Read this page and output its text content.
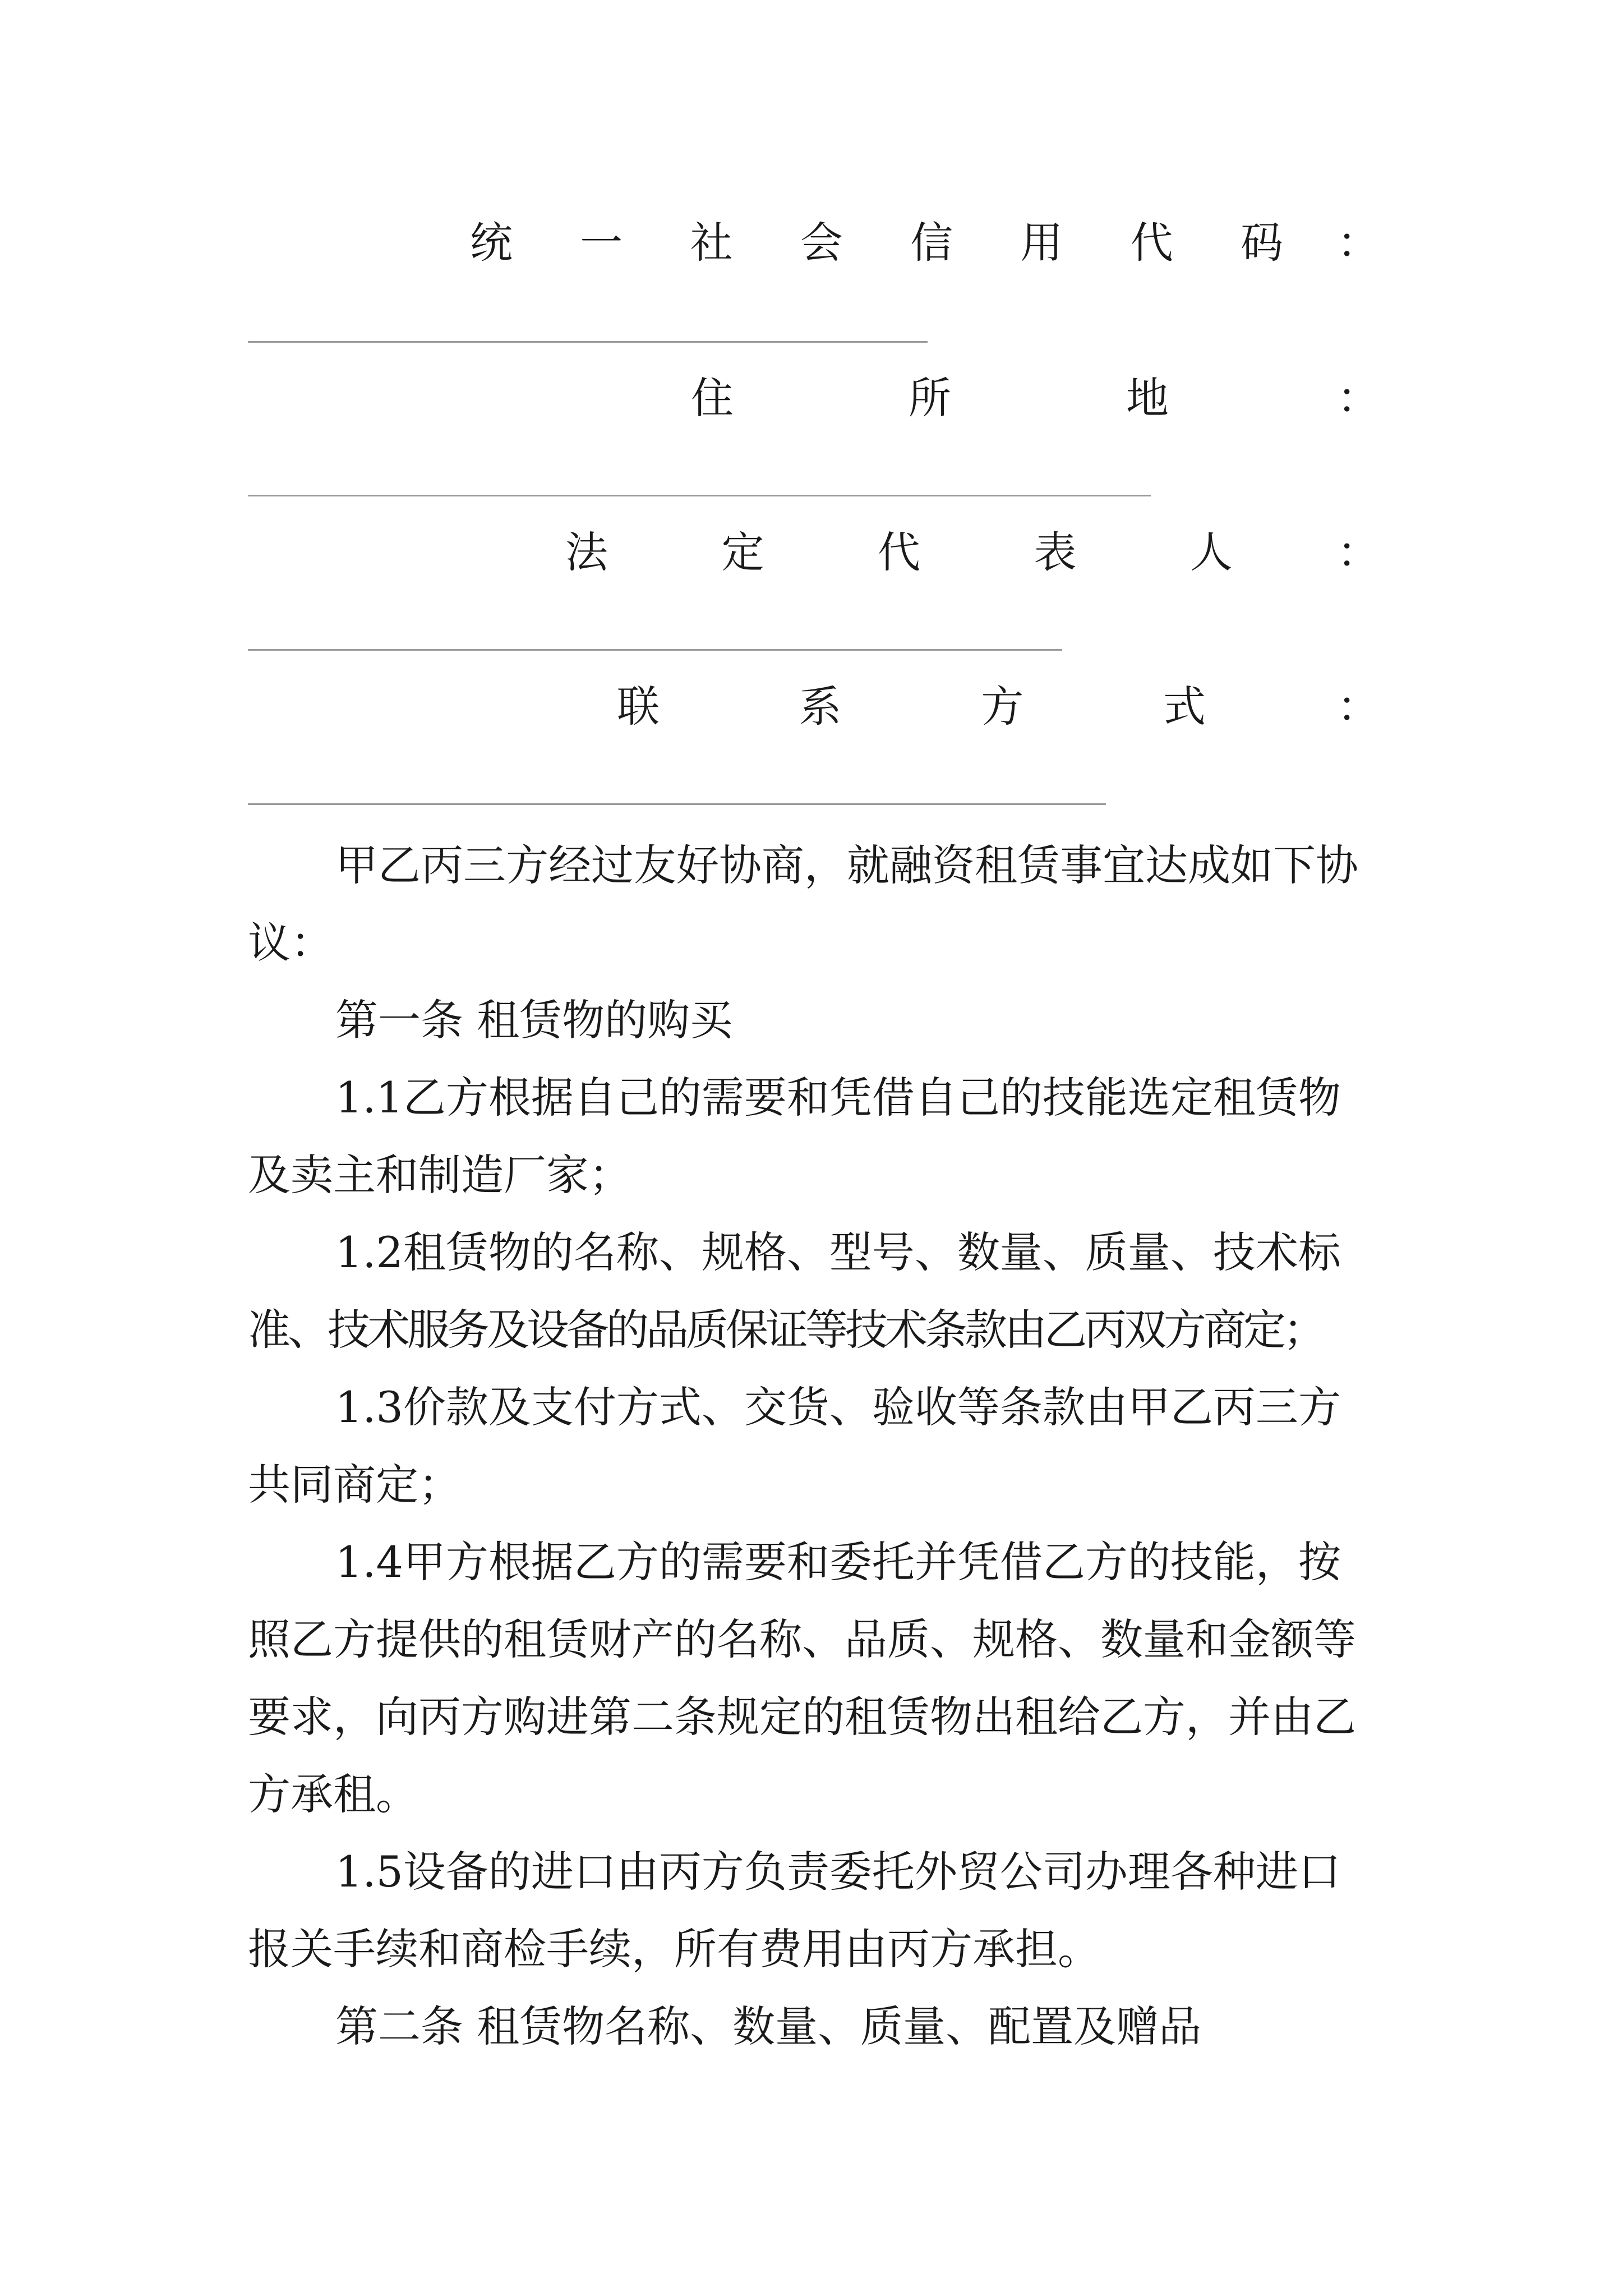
统 一 社 会 信 用 代 码 ：
住	所	地	：
法	定	代	表	人 ：
联	系	方	式	：
甲乙丙三方经过友好协商，就融资租赁事宜达成如下协
议：
第一条 租赁物的购买
1.1乙方根据自己的需要和凭借自己的技能选定租赁物
及卖主和制造厂家；
1.2租赁物的名称、规格、型号、数量、质量、技术标
准、技术服务及设备的品质保证等技术条款由乙丙双方商定；
1.3价款及支付方式、交货、验收等条款由甲乙丙三方
共同商定；
1.4甲方根据乙方的需要和委托并凭借乙方的技能，按
照乙方提供的租赁财产的名称、品质、规格、数量和金额等
要求，向丙方购进第二条规定的租赁物出租给乙方，并由乙
方承租。
1.5设备的进口由丙方负责委托外贸公司办理各种进口
报关手续和商检手续，所有费用由丙方承担。
第二条 租赁物名称、数量、质量、配置及赠品
